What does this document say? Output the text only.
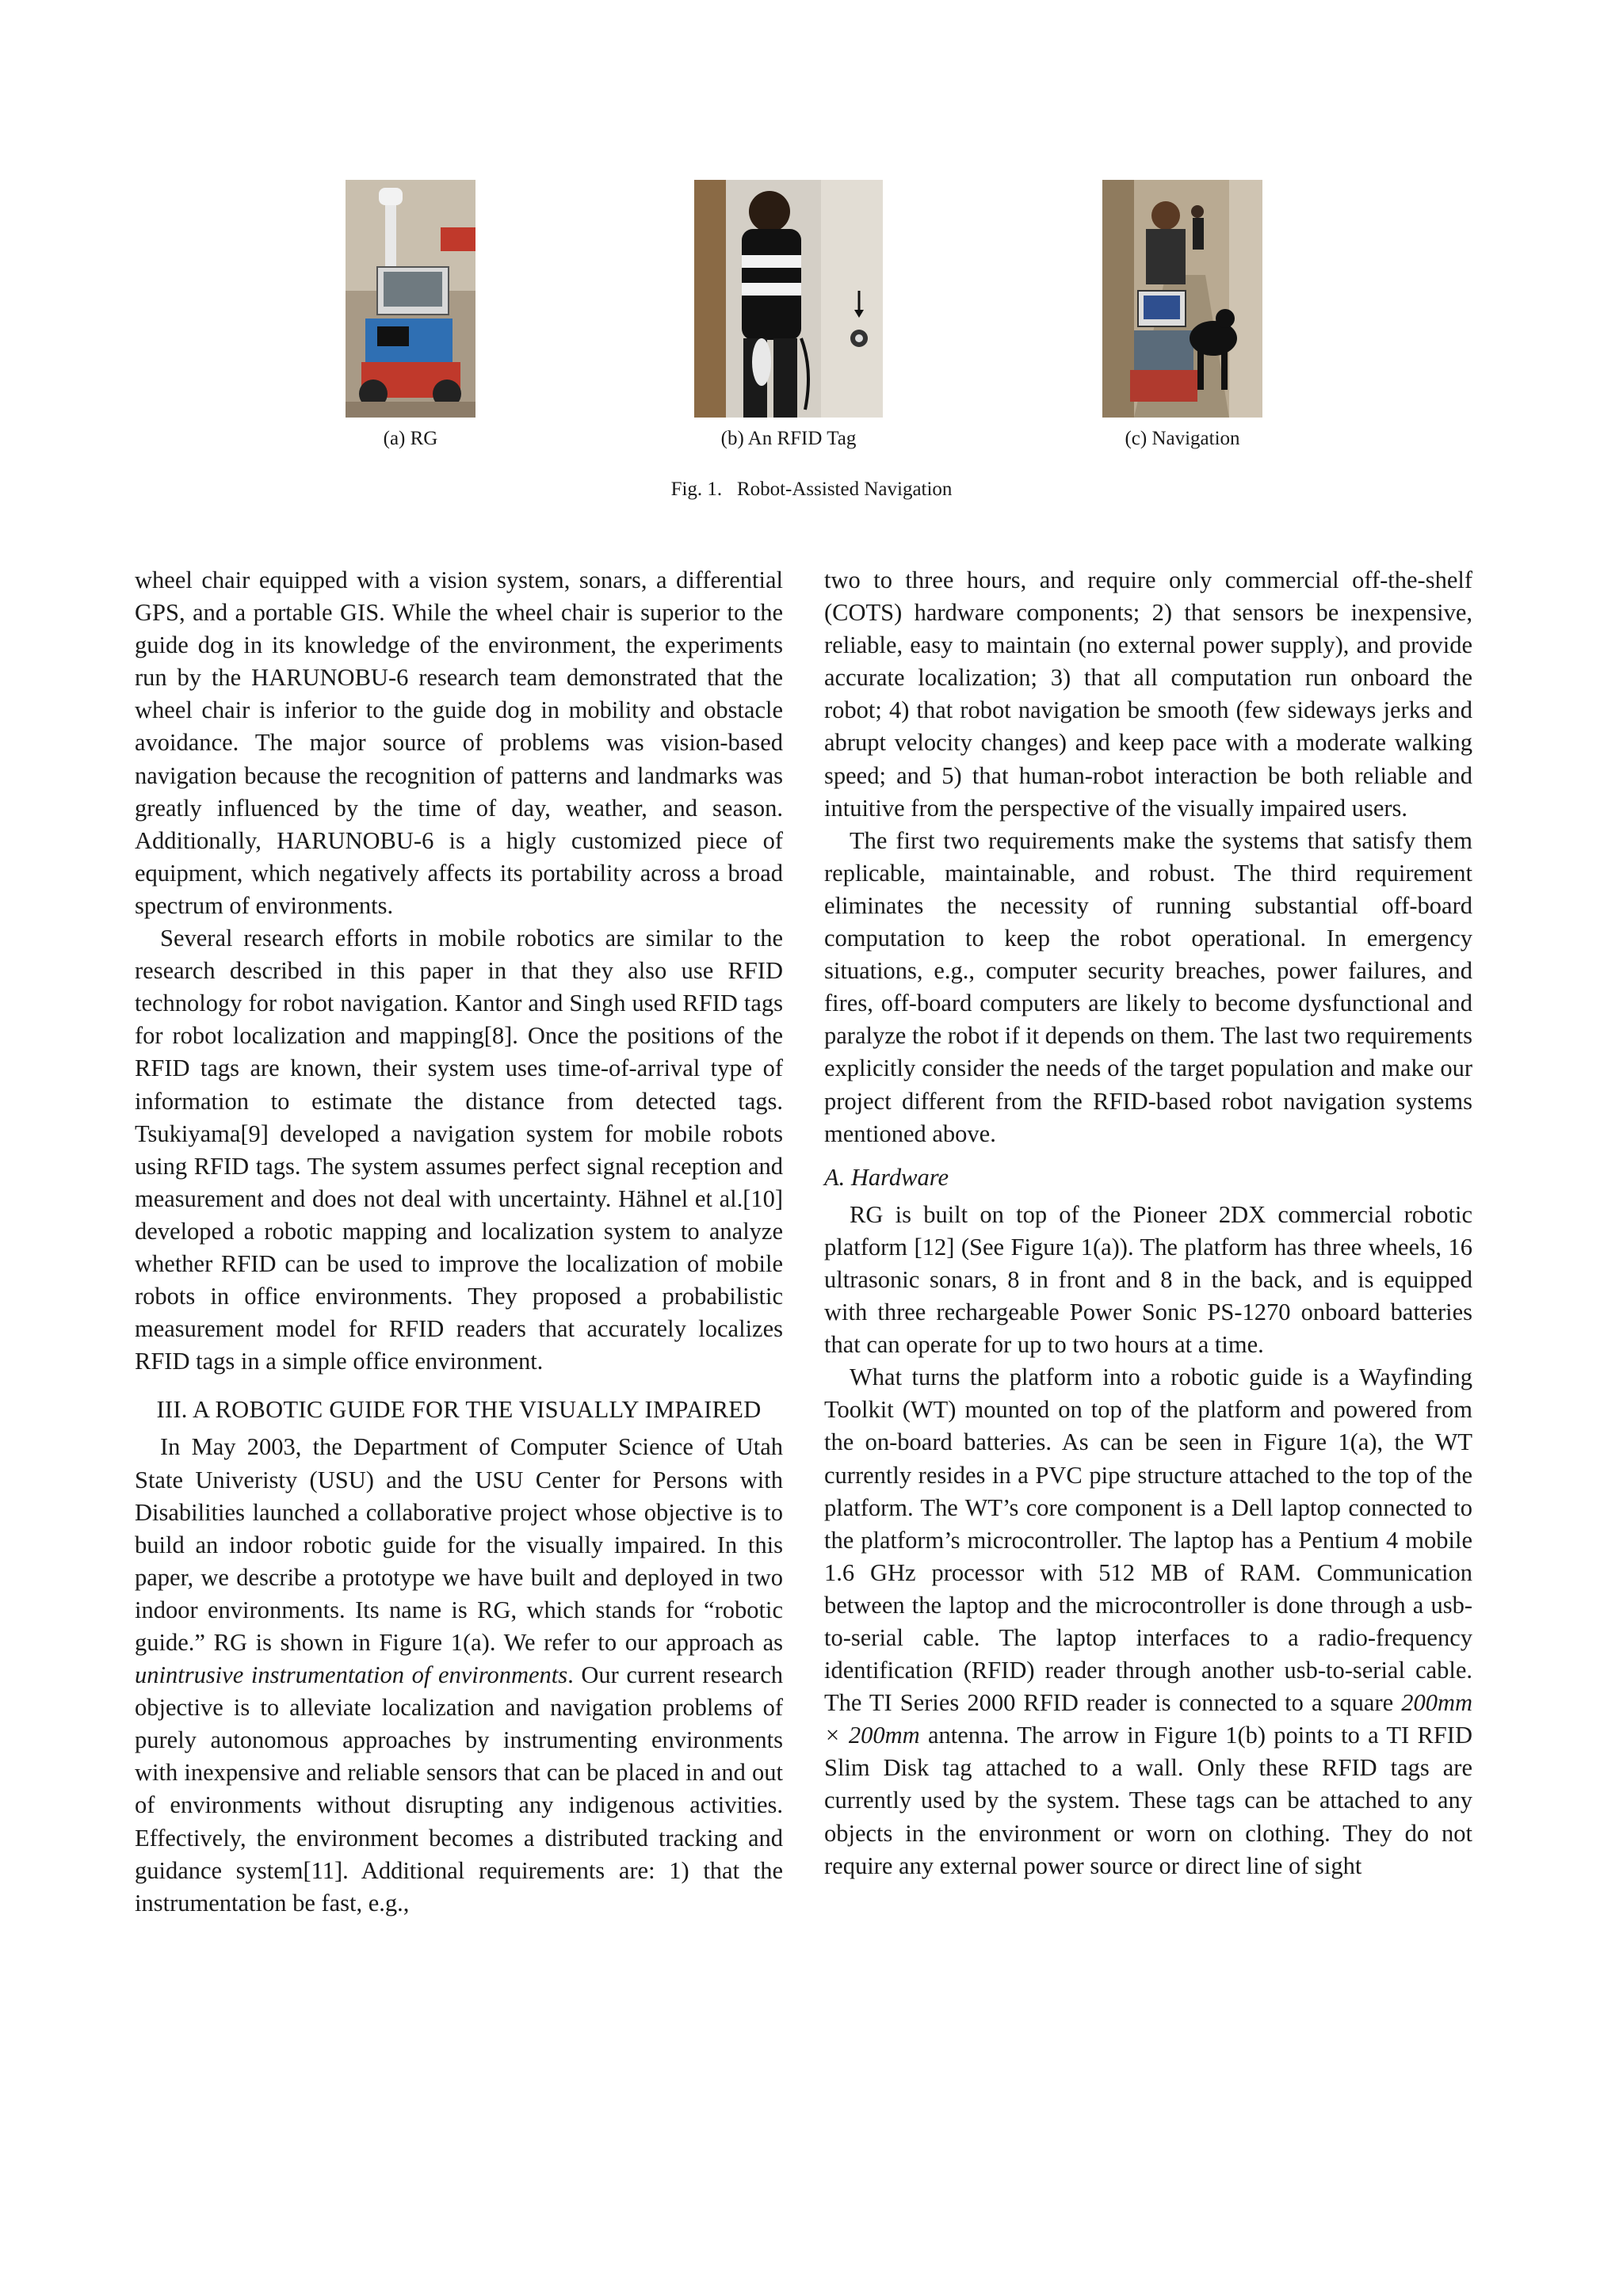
(a) RG	(b) An RFID Tag	(c) Navigation
Fig. 1. Robot-Assisted Navigation

wheel chair equipped with a vision system, sonars, a differential GPS, and a portable GIS. While the wheel chair is superior to the guide dog in its knowledge of the environment, the experiments run by the HARUNOBU-6 research team demonstrated that the wheel chair is inferior to the guide dog in mobility and obstacle avoidance. The major source of problems was vision-based navigation because the recognition of patterns and landmarks was greatly influenced by the time of day, weather, and season. Additionally, HARUNOBU-6 is a higly customized piece of equipment, which negatively affects its portability across a broad spectrum of environments.

Several research efforts in mobile robotics are similar to the research described in this paper in that they also use RFID technology for robot navigation. Kantor and Singh used RFID tags for robot localization and mapping[8]. Once the positions of the RFID tags are known, their system uses time-of-arrival type of information to estimate the distance from detected tags. Tsukiyama[9] developed a navigation system for mobile robots using RFID tags. The system assumes perfect signal reception and measurement and does not deal with uncertainty. Hähnel et al.[10] developed a robotic mapping and localization system to analyze whether RFID can be used to improve the localization of mobile robots in office environments. They proposed a probabilistic measurement model for RFID readers that accurately localizes RFID tags in a simple office environment.

III. A ROBOTIC GUIDE FOR THE VISUALLY IMPAIRED

In May 2003, the Department of Computer Science of Utah State Univeristy (USU) and the USU Center for Persons with Disabilities launched a collaborative project whose objective is to build an indoor robotic guide for the visually impaired. In this paper, we describe a prototype we have built and deployed in two indoor environments. Its name is RG, which stands for “robotic guide.” RG is shown in Figure 1(a). We refer to our approach as unintrusive instrumentation of environments. Our current research objective is to alleviate localization and navigation problems of purely autonomous approaches by instrumenting environments with inexpensive and reliable sensors that can be placed in and out of environments without disrupting any indigenous activities. Effectively, the environment becomes a distributed tracking and guidance system[11]. Additional requirements are: 1) that the instrumentation be fast, e.g.,

two to three hours, and require only commercial off-the-shelf (COTS) hardware components; 2) that sensors be inexpensive, reliable, easy to maintain (no external power supply), and provide accurate localization; 3) that all computation run onboard the robot; 4) that robot navigation be smooth (few sideways jerks and abrupt velocity changes) and keep pace with a moderate walking speed; and 5) that human-robot interaction be both reliable and intuitive from the perspective of the visually impaired users.

The first two requirements make the systems that satisfy them replicable, maintainable, and robust. The third requirement eliminates the necessity of running substantial off-board computation to keep the robot operational. In emergency situations, e.g., computer security breaches, power failures, and fires, off-board computers are likely to become dysfunctional and paralyze the robot if it depends on them. The last two requirements explicitly consider the needs of the target population and make our project different from the RFID-based robot navigation systems mentioned above.

A. Hardware

RG is built on top of the Pioneer 2DX commercial robotic platform [12] (See Figure 1(a)). The platform has three wheels, 16 ultrasonic sonars, 8 in front and 8 in the back, and is equipped with three rechargeable Power Sonic PS-1270 onboard batteries that can operate for up to two hours at a time.

What turns the platform into a robotic guide is a Wayfinding Toolkit (WT) mounted on top of the platform and powered from the on-board batteries. As can be seen in Figure 1(a), the WT currently resides in a PVC pipe structure attached to the top of the platform. The WT’s core component is a Dell laptop connected to the platform’s microcontroller. The laptop has a Pentium 4 mobile 1.6 GHz processor with 512 MB of RAM. Communication between the laptop and the microcontroller is done through a usb-to-serial cable. The laptop interfaces to a radio-frequency identification (RFID) reader through another usb-to-serial cable. The TI Series 2000 RFID reader is connected to a square 200mm × 200mm antenna. The arrow in Figure 1(b) points to a TI RFID Slim Disk tag attached to a wall. Only these RFID tags are currently used by the system. These tags can be attached to any objects in the environment or worn on clothing. They do not require any external power source or direct line of sight
